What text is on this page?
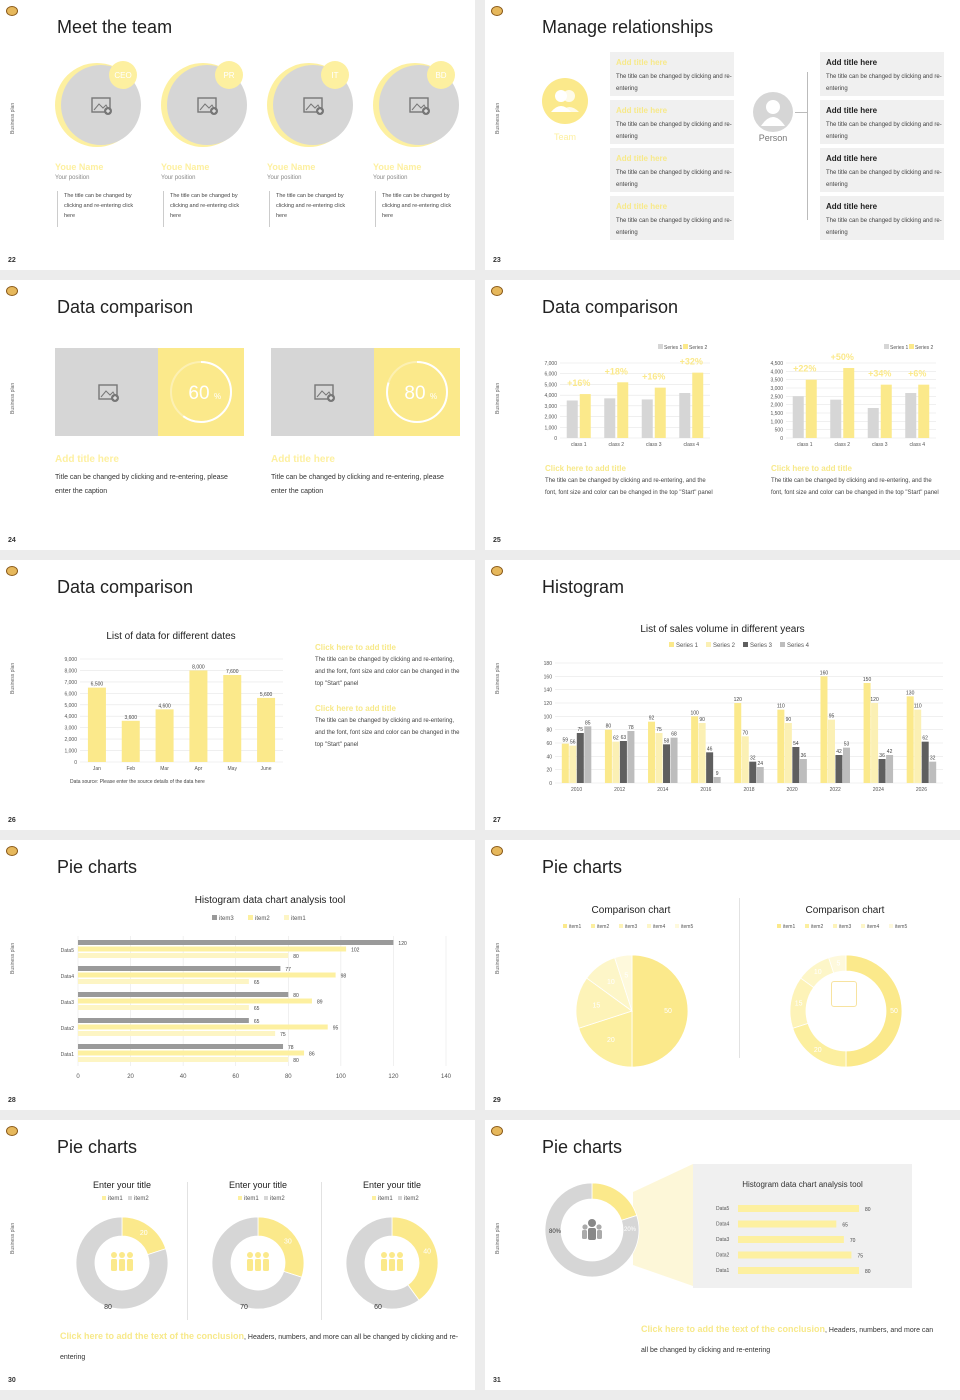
Business plan
Meet the team
CEO
Youe Name
Your position
The title can be changed by clicking and re-entering click here
PR
Youe Name
Your position
The title can be changed by clicking and re-entering click here
IT
Youe Name
Your position
The title can be changed by clicking and re-entering click here
BD
Youe Name
Your position
The title can be changed by clicking and re-entering click here
22
Business plan
Manage relationships
Team
Add title here
The title can be changed by clicking and re-entering
Add title here
The title can be changed by clicking and re-entering
Add title here
The title can be changed by clicking and re-entering
Add title here
The title can be changed by clicking and re-entering
Person
Add title here
The title can be changed by clicking and re-entering
Add title here
The title can be changed by clicking and re-entering
Add title here
The title can be changed by clicking and re-entering
Add title here
The title can be changed by clicking and re-entering
23
Business plan
Data comparison
60 %
Add title here
Title can be changed by clicking and re-entering, please enter the caption
80 %
Add title here
Title can be changed by clicking and re-entering, please enter the caption
24
Business plan
Data comparison
Series 1 Series 2
0
1,000
2,000
3,000
4,000
5,000
6,000
7,000
class 1	class 2	class 3	class 4
+16%
+18%
+16%
+32%
Series 1 Series 2
0
500
1,000
1,500
2,000
2,500
3,000
3,500
4,000
4,500
class 1	class 2	class 3	class 4
+22%
+50%
+34% +6%
Click here to add title
The title can be changed by clicking and re-entering, and the font, font size and color can be changed in the top "Start" panel
Click here to add title
The title can be changed by clicking and re-entering, and the font, font size and color can be changed in the top "Start" panel
25
Business plan
Data comparison
List of data for different dates
0
1,000
2,000
3,000
4,000
5,000
6,000
7,000
8,000
9,000
Jan
6,500
Feb
3,600
Mar
4,600
Apr
8,000
May
7,600
June
5,600
Data source: Please enter the source details of the data here
Click here to add title
The title can be changed by clicking and re-entering, and the font, font size and color can be changed in the top "Start" panel
Click here to add title
The title can be changed by clicking and re-entering, and the font, font size and color can be changed in the top "Start" panel
26
Business plan
Histogram
List of sales volume in different years
Series 1 Series 2 Series 3 Series 4
0
20
40
60
80
100
120
140
160
180
2010
59 56
75
85
2012
80
62 63
78
2014
92
75
58
68
2016
100
90
46
9
2018
120
70
32
24
2020
110
90
54
36
2022
160
95
42
53
2024
150
120
36
42
2026
130
110
62
32
27
Business plan
Pie charts
Histogram data chart analysis tool
item3	item2	item1
0	20	40	60	80	100	120	140
Data5
120
102
80
Data4
77
98
65
Data3
80
89
65
Data2
65
95
75
Data1
78
86
80
28
Business plan
Pie charts
Comparison chart
item1	item2	item3	item4	item5
50
20
15
10
5
Comparison chart
item1	item2	item3	item4	item5
50
20
15
10
5
29
Business plan
Pie charts
Enter your title
item1 item2
20
80
Enter your title
item1 item2
30
70
Enter your title
item1 item2
40
60
Click here to add the text of the conclusion, Headers, numbers, and more can all be changed by clicking and re-entering
30
Business plan
Pie charts
Histogram data chart analysis tool
20%
80%
Data5	80
Data4	65
Data3	70
Data2	75
Data1	80
Click here to add the text of the conclusion, Headers, numbers, and more can all be changed by clicking and re-entering
31
